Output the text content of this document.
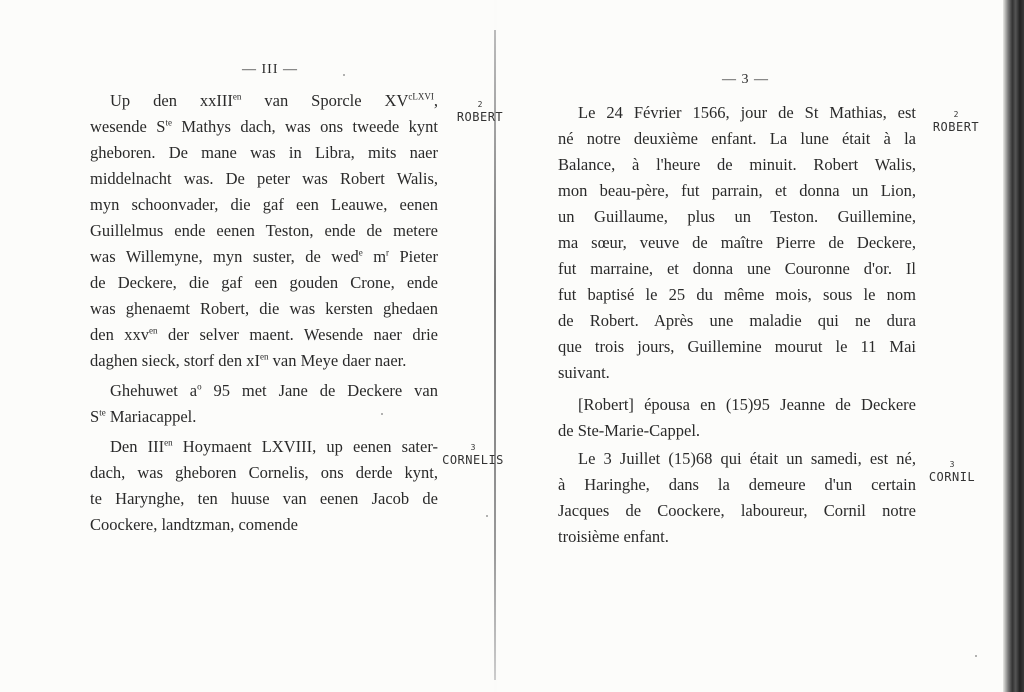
— III —
— 3 —
Up den xxIII$^{en}$ van Sporcle $XV^{cLXVI}$,
wesende $S^{te}$ Mathys dach, was ons tweede kynt
gheboren. De mane was in Libra, mits naer
middelnacht was. De peter was Robert Walis,
myn schoonvader, die gaf een Leauwe, eenen
Guillelmus ende eenen Teston, ende de metere
was Willemyne, myn suster, de wed$^e$ $m^r$ Pieter
de Deckere, die gaf een gouden Crone, ende
was ghenaemt Robert, die was kersten ghedaen
den xxv$^{en}$ der selver maent. Wesende naer drie
daghen sieck, storf den $xI^{en}$ van Meye daer naer.
Ghehuwet $a^o$ 95 met Jane de Deckere van
$S^{te}$ Mariacappel.
Den $III^{en}$ Hoymaent LXVIII, up eenen sater-
dach, was gheboren Cornelis, ons derde kynt,
te Harynghe, ten huuse van eenen Jacob de
Coockere, landtzman, comende
Le 24 Février 1566, jour de St Mathias, est
né notre deuxième enfant. La lune était à la
Balance, à l'heure de minuit. Robert Walis,
mon beau-père, fut parrain, et donna un Lion,
un Guillaume, plus un Teston. Guillemine,
ma sœur, veuve de maître Pierre de Deckere,
fut marraine, et donna une Couronne d'or. Il
fut baptisé le 25 du même mois, sous le nom
de Robert. Après une maladie qui ne dura
que trois jours, Guillemine mourut le 11 Mai
suivant.
[Robert] épousa en (15)95 Jeanne de Deckere
de Ste-Marie-Cappel.
Le 3 Juillet (15)68 qui était un samedi, est né,
à Haringhe, dans la demeure d'un certain
Jacques de Coockere, laboureur, Cornil notre
troisième enfant.
2
ROBERT
3
CORNELIS
2
ROBERT
3
CORNIL
